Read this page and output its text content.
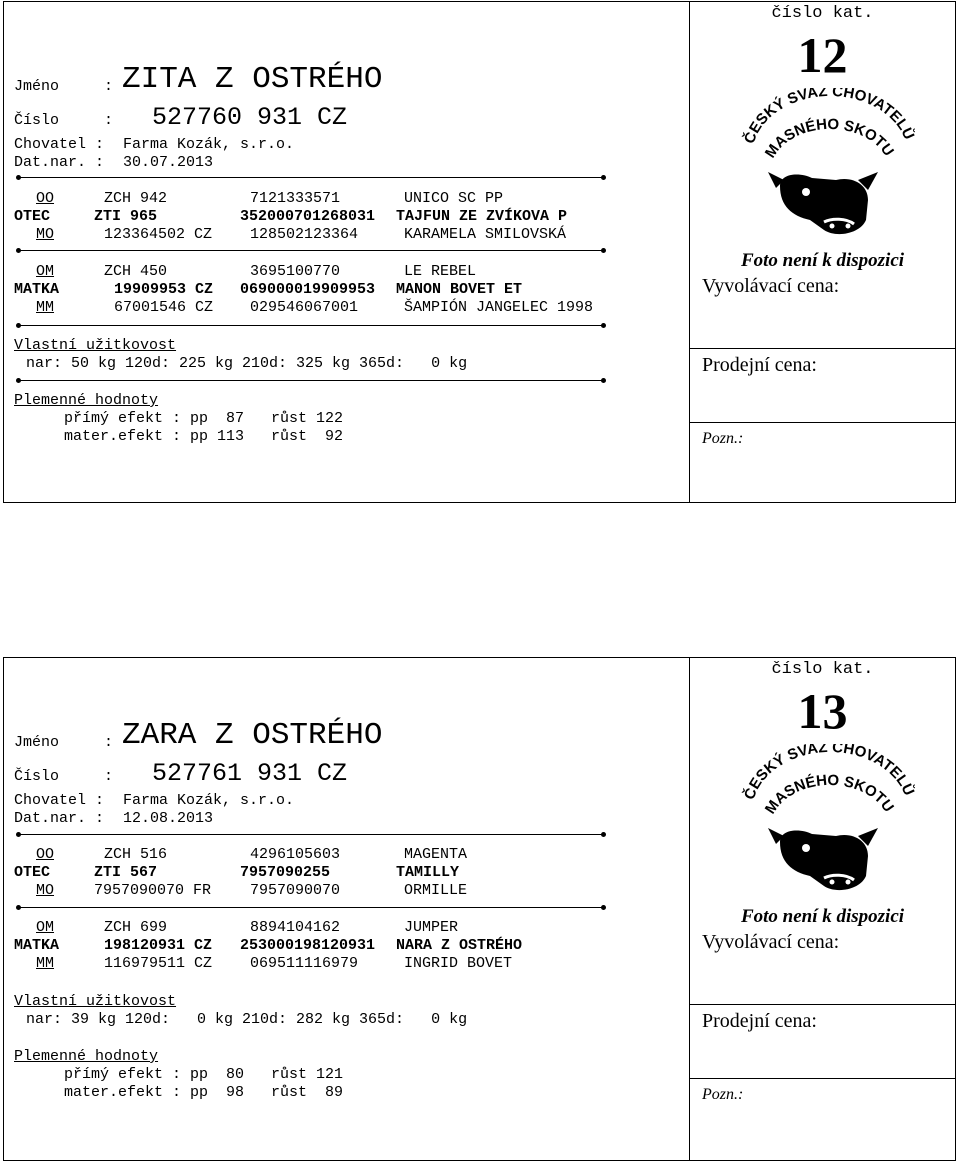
Jméno	: ZITA Z OSTRÉHO
Číslo	: 527760 931 CZ
Chovatel : Farma Kozák, s.r.o.
Dat.nar. : 30.07.2013
OO	ZCH 942	7121333571	UNICO SC PP
OTEC	ZTI 965	352000701268031 TAJFUN ZE ZVÍKOVA P
MO	123364502 CZ	128502123364	KARAMELA SMILOVSKÁ
OM	ZCH 450	3695100770	LE REBEL
MATKA	19909953 CZ 069000019909953 MANON BOVET ET
MM	67001546 CZ 029546067001	ŠAMPIÓN JANGELEC 1998
Vlastní užitkovost
nar: 50 kg 120d: 225 kg 210d: 325 kg 365d:   0 kg
Plemenné hodnoty
přímý efekt : pp  87   růst 122
mater.efekt : pp 113   růst  92
číslo kat.
12
Foto není k dispozici
Vyvolávací cena:
Prodejní cena:
Pozn.:
Jméno	: ZARA Z OSTRÉHO
Číslo	: 527761 931 CZ
Chovatel : Farma Kozák, s.r.o.
Dat.nar. : 12.08.2013
OO	ZCH 516	4296105603	MAGENTA
OTEC	ZTI 567	7957090255	TAMILLY
MO	7957090070 FR	7957090070	ORMILLE
OM	ZCH 699	8894104162	JUMPER
MATKA	198120931 CZ 253000198120931 NARA Z OSTRÉHO
MM	116979511 CZ	069511116979	INGRID BOVET
Vlastní užitkovost
nar: 39 kg 120d:   0 kg 210d: 282 kg 365d:   0 kg
Plemenné hodnoty
přímý efekt : pp  80   růst 121
mater.efekt : pp  98   růst  89
číslo kat.
13
Foto není k dispozici
Vyvolávací cena:
Prodejní cena:
Pozn.:
